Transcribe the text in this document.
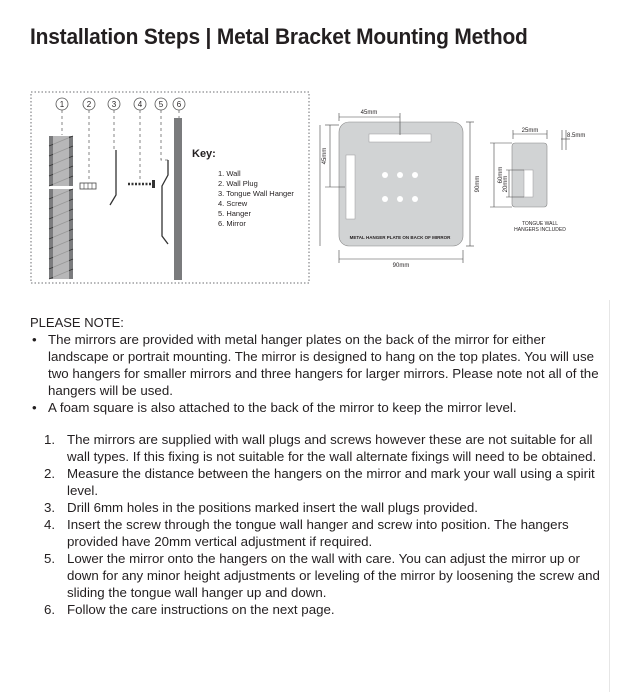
Installation Steps | Metal Bracket Mounting Method
1	2	3	4 5 6
Key:
1. Wall
2. Wall Plug
3. Tongue Wall Hanger
4. Screw
5. Hanger
6. Mirror
METAL HANGER PLATE ON BACK OF MIRROR
45mm
45mm
90mm
90mm
25mm
8.5mm
60mm
20mm
TONGUE WALL
HANGERS INCLUDED
PLEASE NOTE:
• The mirrors are provided with metal hanger plates on the back of the mirror for either landscape or portrait mounting. The mirror is designed to hang on the top plates. You will use two hangers for smaller mirrors and three hangers for larger mirrors. Please note not all of the hangers will be used.
• A foam square is also attached to the back of the mirror to keep the mirror level.
1. The mirrors are supplied with wall plugs and screws however these are not suitable for all wall types. If this fixing is not suitable for the wall alternate fixings will need to be obtained.
2. Measure the distance between the hangers on the mirror and mark your wall using a spirit level.
3. Drill 6mm holes in the positions marked insert the wall plugs provided.
4. Insert the screw through the tongue wall hanger and screw into position. The hangers provided have 20mm vertical adjustment if required.
5. Lower the mirror onto the hangers on the wall with care. You can adjust the mirror up or down for any minor height adjustments or leveling of the mirror by loosening the screw and sliding the tongue wall hanger up and down.
6. Follow the care instructions on the next page.
